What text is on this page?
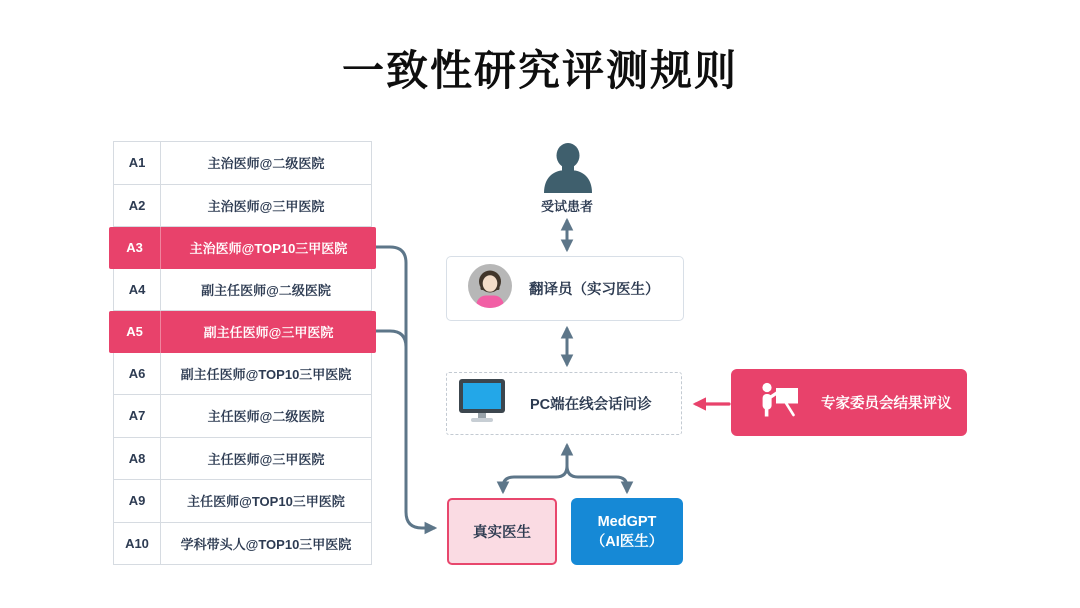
一致性研究评测规则
A1	主治医师@二级医院
A2	主治医师@三甲医院
A3	主治医师@TOP10三甲医院
A4	副主任医师@二级医院
A5	副主任医师@三甲医院
A6	副主任医师@TOP10三甲医院
A7	主任医师@二级医院
A8	主任医师@三甲医院
A9	主任医师@TOP10三甲医院
A10	学科带头人@TOP10三甲医院
受试患者
翻译员（实习医生）
PC端在线会话问诊
真实医生
MedGPT
（AI医生）
专家委员会结果评议
